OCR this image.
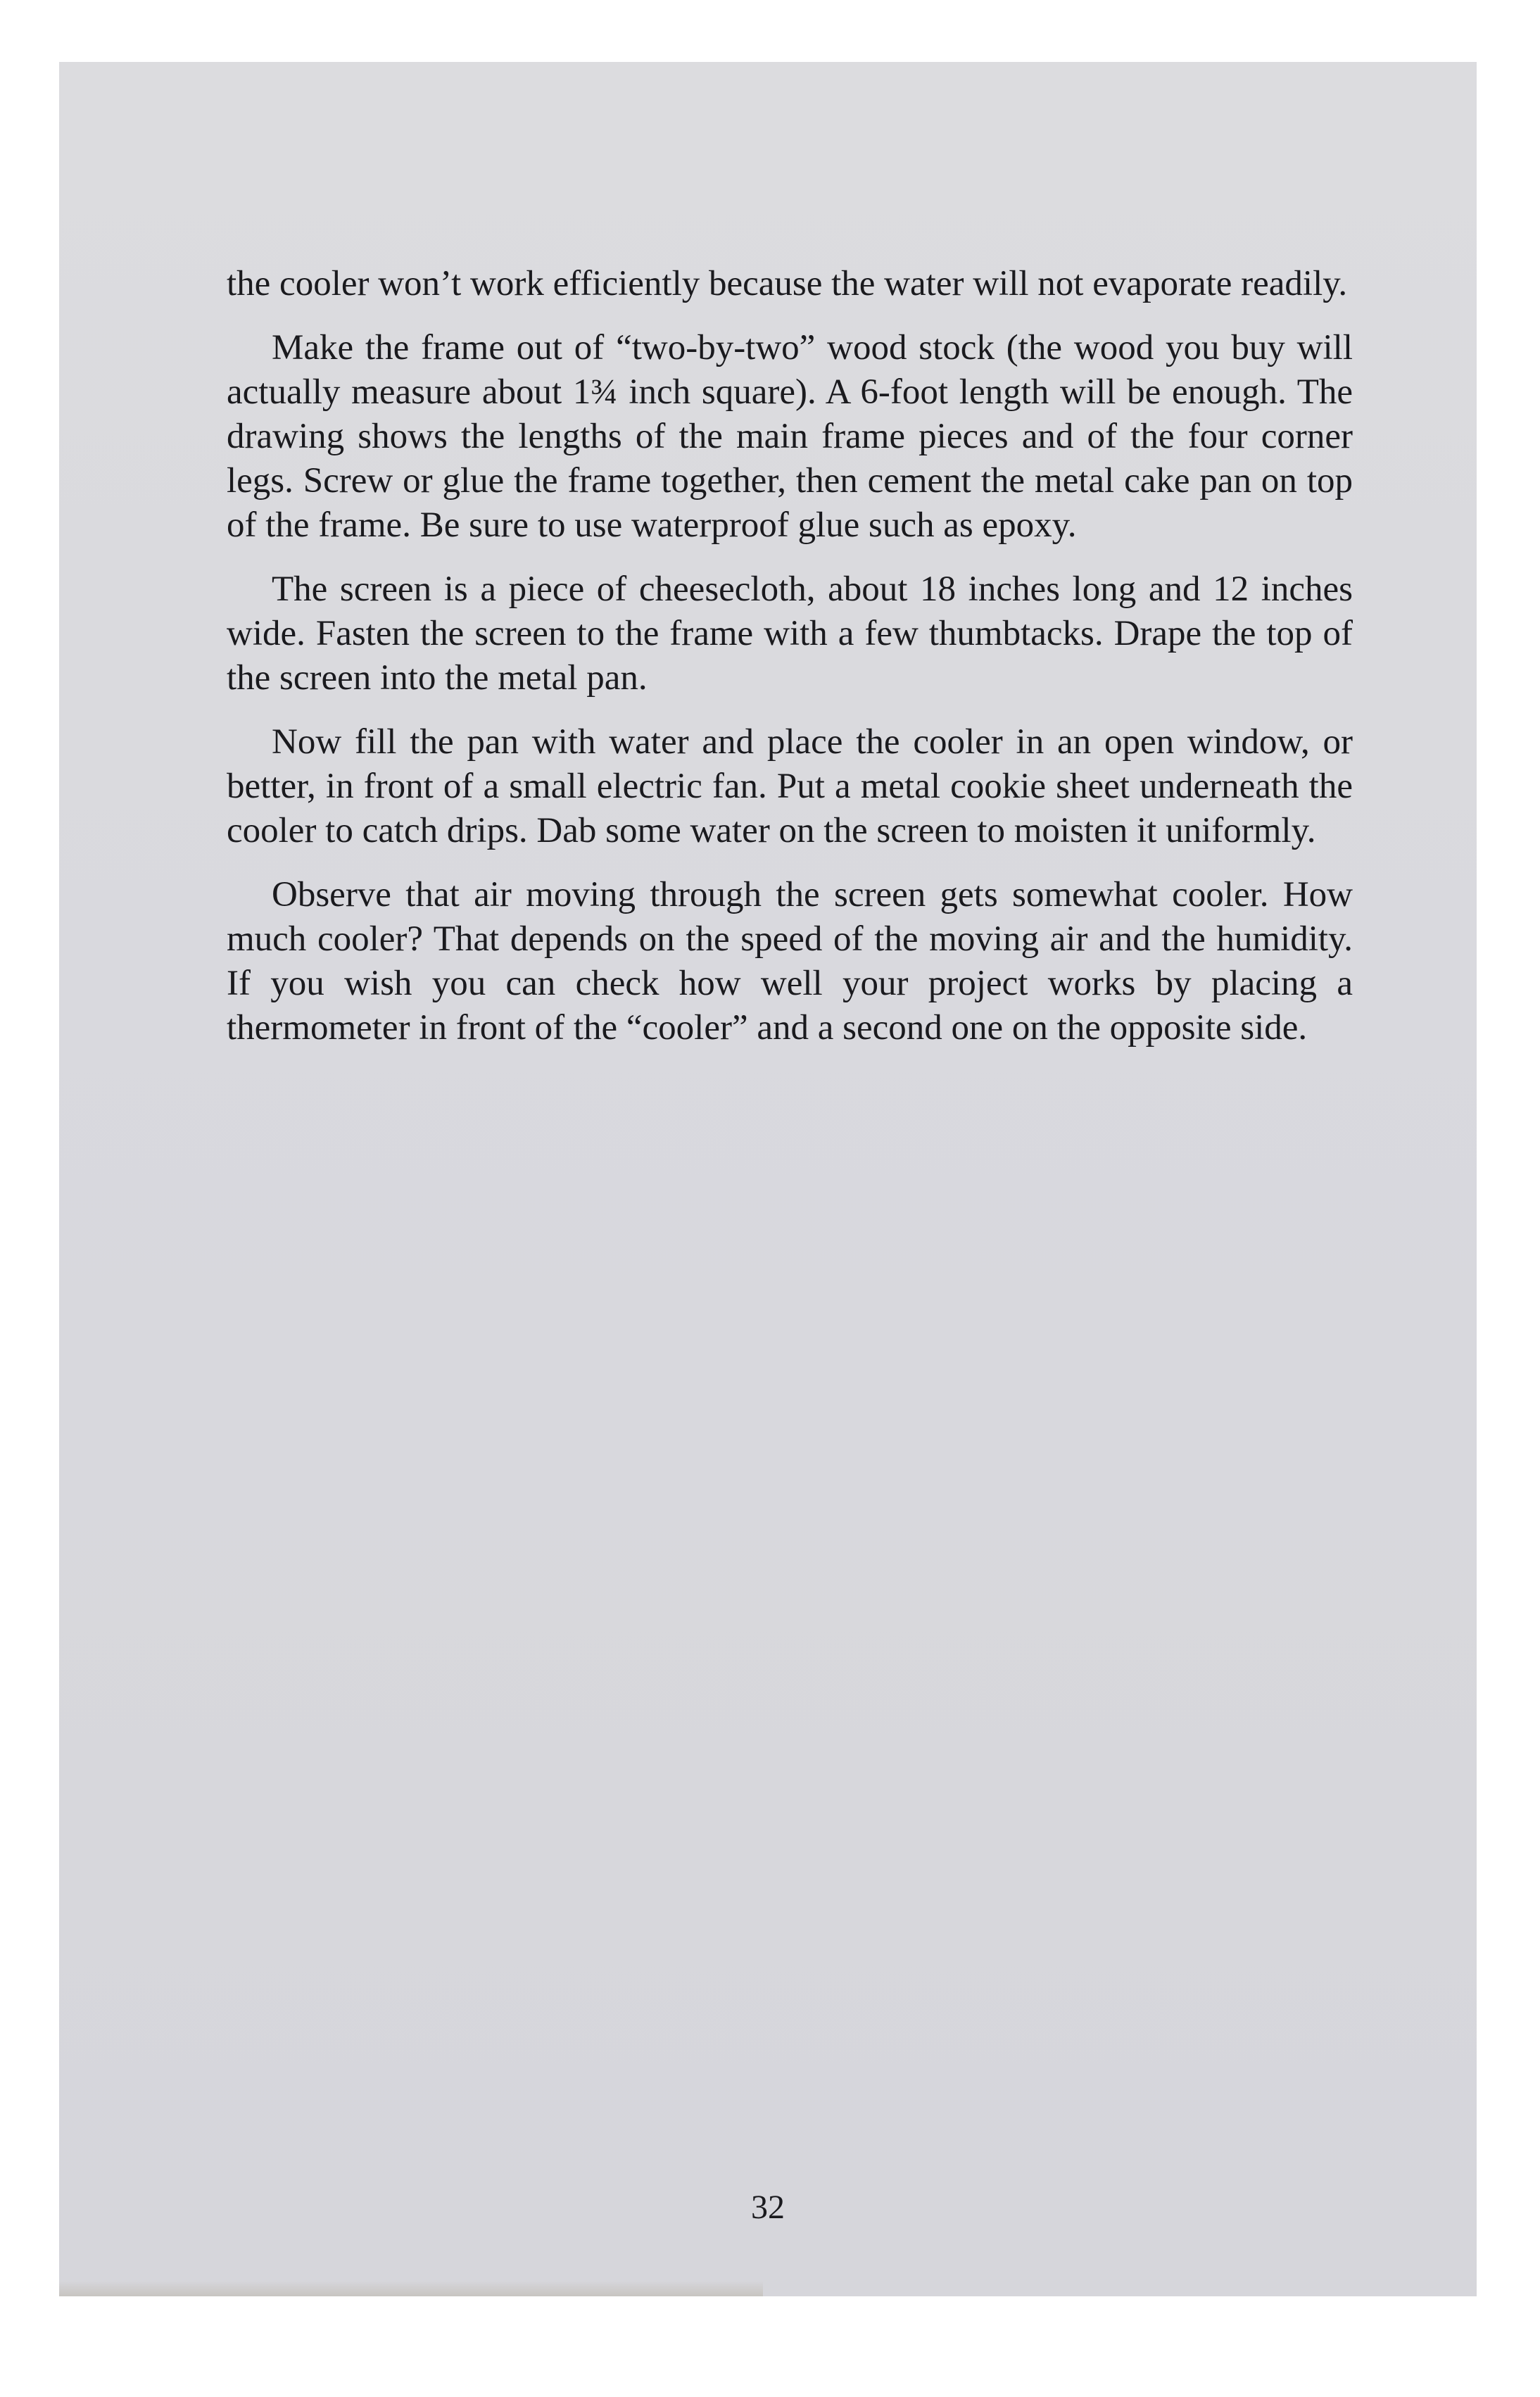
the cooler won’t work efficiently because the water will not evaporate readily.

Make the frame out of “two-by-two” wood stock (the wood you buy will actually measure about 1¾ inch square). A 6-foot length will be enough. The drawing shows the lengths of the main frame pieces and of the four corner legs. Screw or glue the frame together, then cement the metal cake pan on top of the frame. Be sure to use waterproof glue such as epoxy.

The screen is a piece of cheesecloth, about 18 inches long and 12 inches wide. Fasten the screen to the frame with a few thumbtacks. Drape the top of the screen into the metal pan.

Now fill the pan with water and place the cooler in an open window, or better, in front of a small electric fan. Put a metal cookie sheet underneath the cooler to catch drips. Dab some water on the screen to moisten it uniformly.

Observe that air moving through the screen gets somewhat cooler. How much cooler? That depends on the speed of the moving air and the humidity. If you wish you can check how well your project works by placing a thermometer in front of the “cooler” and a second one on the opposite side.

32
